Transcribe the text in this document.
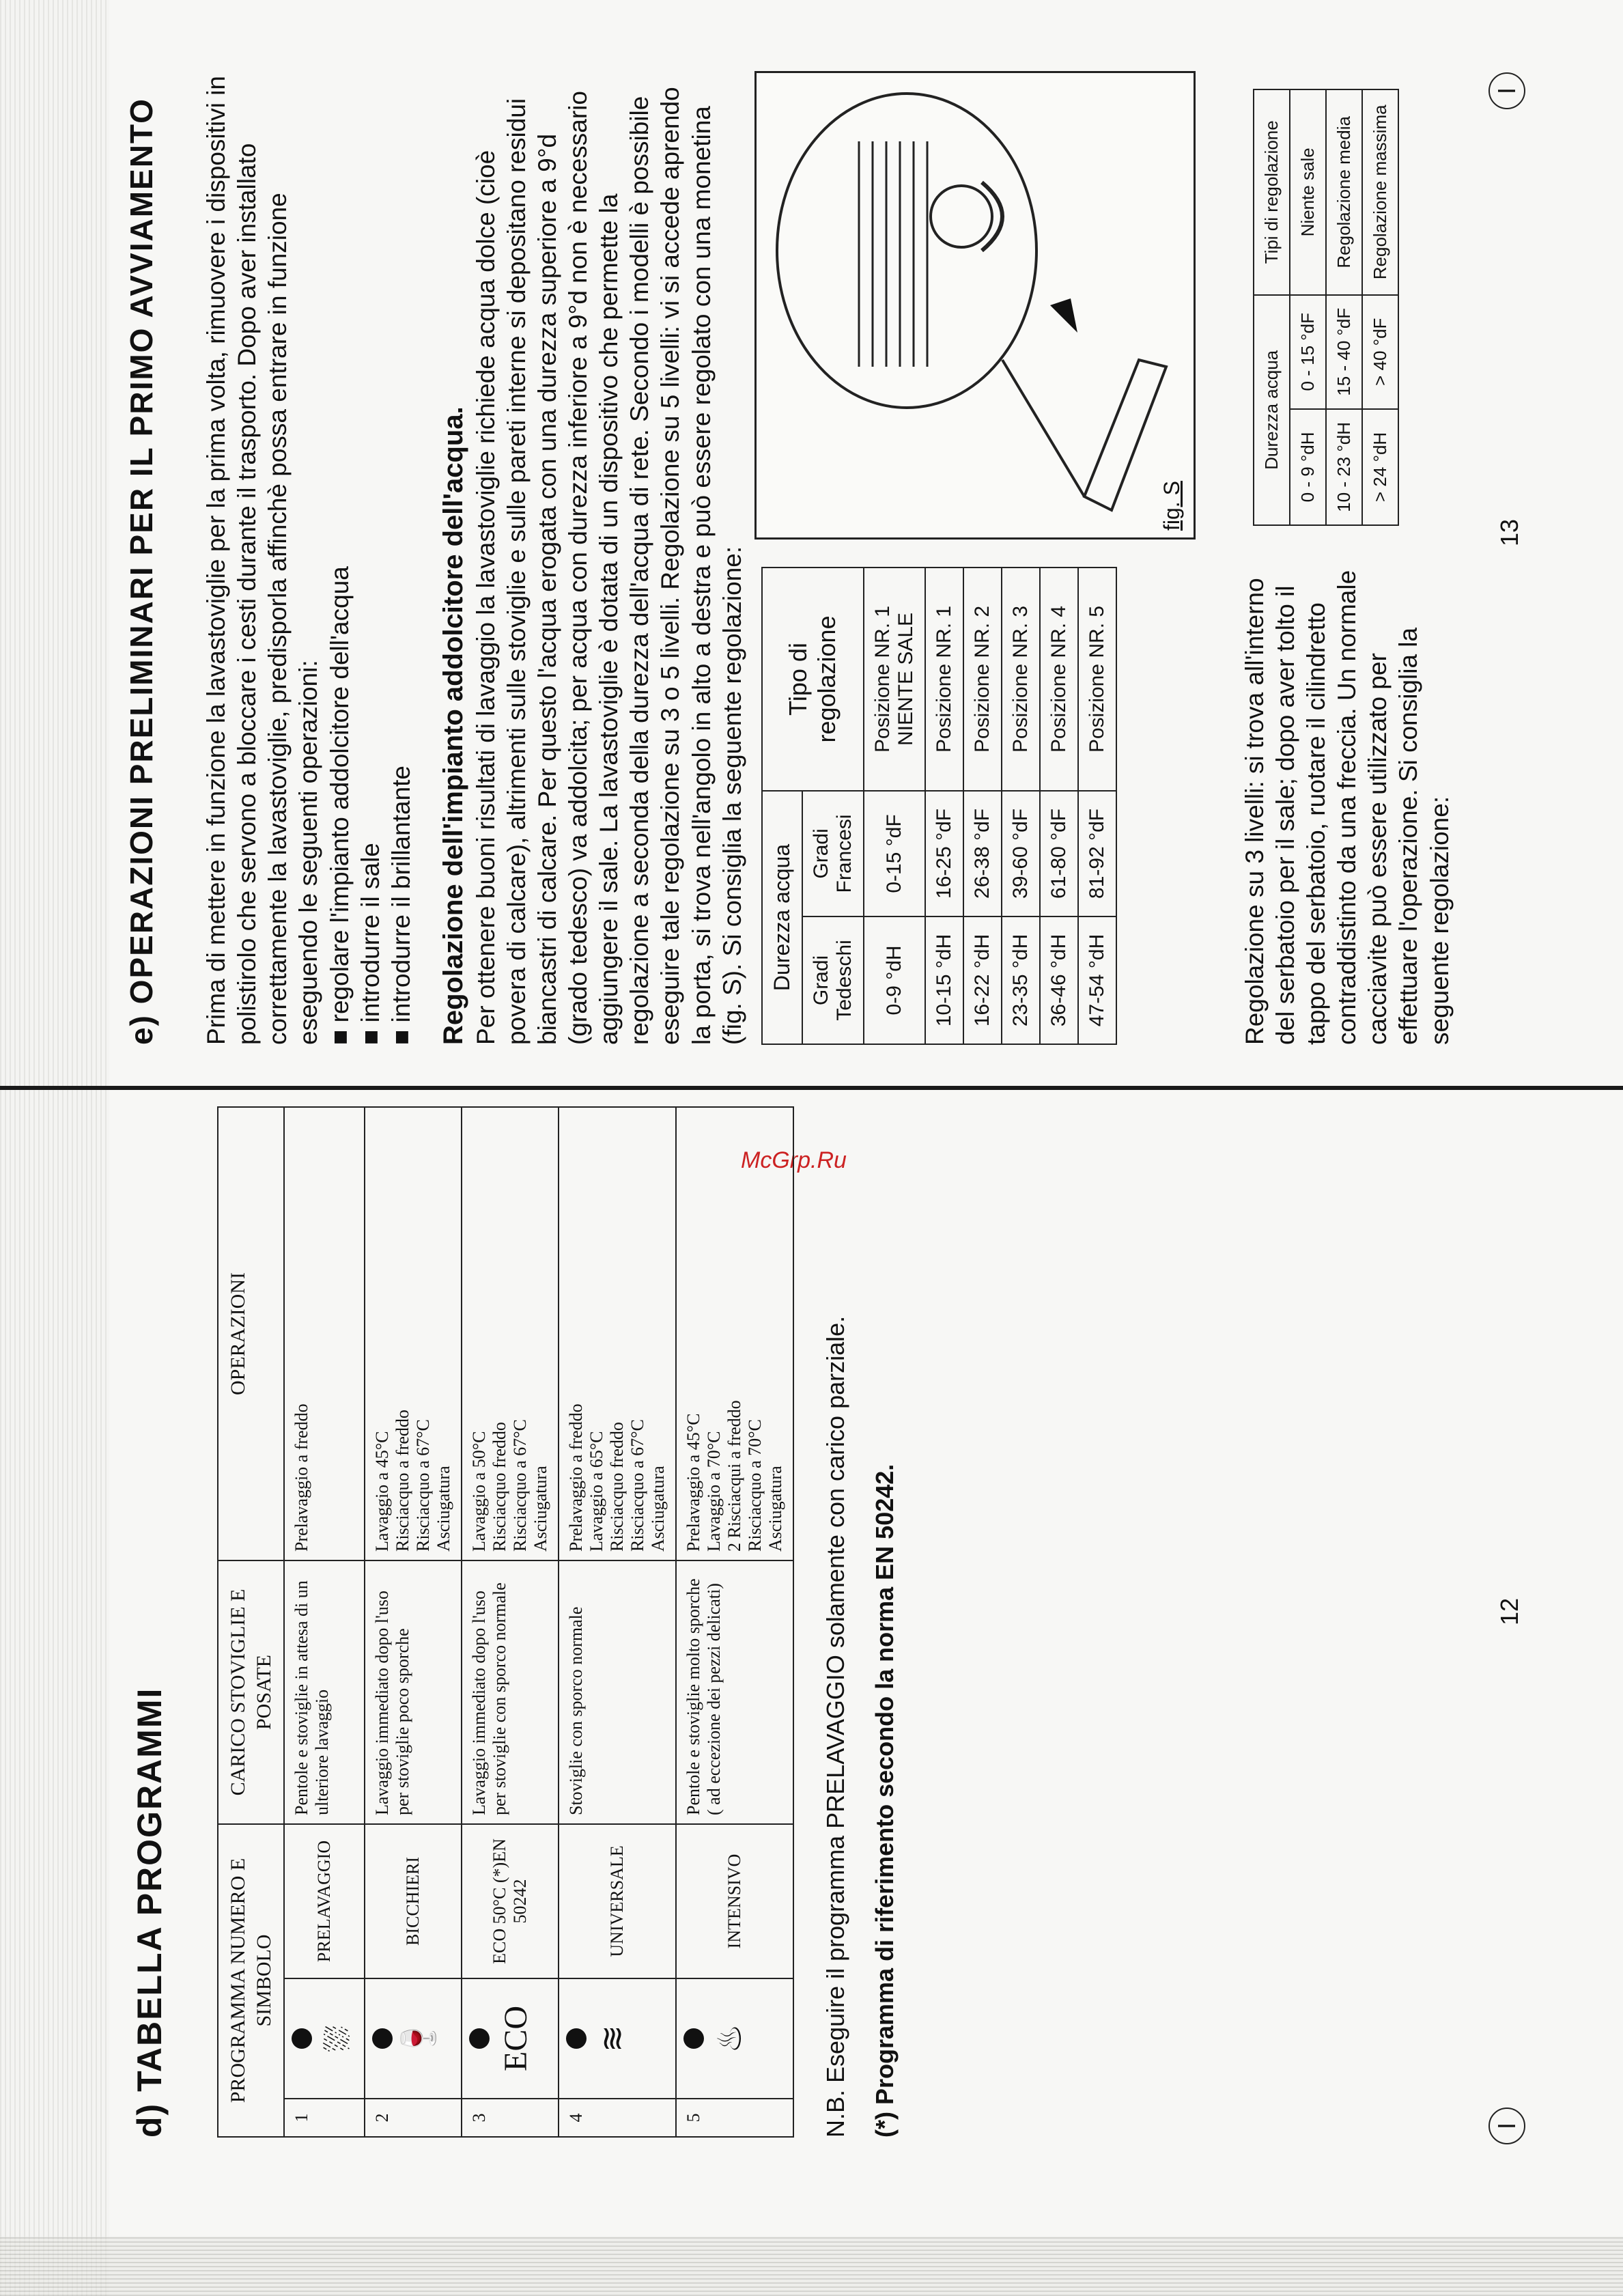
McGrp.Ru
d) TABELLA PROGRAMMI	PROGRAMMA NUMERO E SIMBOLO			CARICO STOVIGLIE E POSATE	OPERAZIONI
1	⛆	PRELAVAGGIO	Pentole e stoviglie in attesa di un ulteriore lavaggio	Prelavaggio a freddo
2	🍷	BICCHIERI	Lavaggio immediato dopo l'uso per stoviglie poco sporche	Lavaggio a 45°C
Risciacquo a freddo
Risciacquo a 67°C
Asciugatura
3	ECO	ECO 50°C (*)EN 50242	Lavaggio immediato dopo l'uso per stoviglie con sporco normale	Lavaggio a 50°C
Risciacquo freddo
Risciacquo a 67°C
Asciugatura
4	≋	UNIVERSALE	Stoviglie con sporco normale	Prelavaggio a freddo
Lavaggio a 65°C
Risciacquo freddo
Risciacquo a 67°C
Asciugatura
5	♨	INTENSIVO	Pentole e stoviglie molto sporche ( ad eccezione dei pezzi delicati)	Prelavaggio a 45°C
Lavaggio a 70°C
2 Risciacqui a freddo
Risciacquo a 70°C
Asciugatura N.B. Eseguire il programma PRELAVAGGIO solamente con carico parziale. (*) Programma di riferimento secondo la norma EN 50242.	12
I
e) OPERAZIONI PRELIMINARI PER IL PRIMO AVVIAMENTO Prima di mettere in funzione la lavastoviglie per la prima volta, rimuovere i dispositivi in polistirolo che servono a bloccare i cesti durante il trasporto. Dopo aver installato correttamente la lavastoviglie, predisporla affinchè possa entrare in funzione eseguendo le seguenti operazioni: ■ regolare l'impianto addolcitore dell'acqua ■ introdurre il sale ■ introdurre il brillantante Regolazione dell'impianto addolcitore dell'acqua. Per ottenere buoni risultati di lavaggio la lavastoviglie richiede acqua dolce (cioè povera di calcare), altrimenti sulle stoviglie e sulle pareti interne si depositano residui biancastri di calcare. Per questo l'acqua erogata con una durezza superiore a 9°d (grado tedesco) va addolcita; per acqua con durezza inferiore a 9°d non è necessario aggiungere il sale. La lavastoviglie è dotata di un dispositivo che permette la regolazione a seconda della durezza dell'acqua di rete. Secondo i modelli è possibile eseguire tale regolazione su 3 o 5 livelli. Regolazione su 5 livelli: vi si accede aprendo la porta, si trova nell'angolo in alto a destra e può essere regolato con una monetina (fig. S). Si consiglia la seguente regolazione: Durezza acqua		Tipo di regolazione
Gradi Tedeschi	Gradi Francesi	
0-9 °dH	0-15 °dF	Posizione NR. 1 NIENTE SALE
10-15 °dH	16-25 °dF	Posizione NR. 1
16-22 °dH	26-38 °dF	Posizione NR. 2
23-35 °dH	39-60 °dF	Posizione NR. 3
36-46 °dH	61-80 °dF	Posizione NR. 4
47-54 °dH	81-92 °dF	Posizione NR. 5
fig. S
Regolazione su 3 livelli: si trova all'interno del serbatoio per il sale; dopo aver tolto il tappo del serbatoio, ruotare il cilindretto contraddistinto da una freccia. Un normale cacciavite può essere utilizzato per effettuare l'operazione. Si consiglia la seguente regolazione:
Durezza acqua		Tipi di regolazione
0 - 9 °dH	0 - 15 °dF	Niente sale
10 - 23 °dH	15 - 40 °dF	Regolazione media
> 24 °dH	> 40 °dF	Regolazione massima
13
I
